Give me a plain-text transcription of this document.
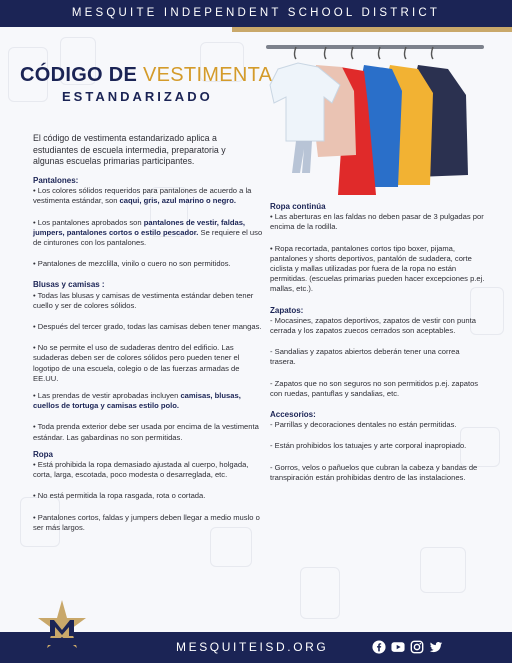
MESQUITE INDEPENDENT SCHOOL DISTRICT
CÓDIGO DE VESTIMENTA
ESTANDARIZADO
El código de vestimenta estandarizado aplica a estudiantes de escuela intermedia, preparatoria y algunas escuelas primarias participantes.
Pantalones:
• Los colores sólidos requeridos para pantalones de acuerdo a la vestimenta estándar, son caqui, gris, azul marino o negro.
• Los pantalones aprobados son pantalones de vestir, faldas, jumpers, pantalones cortos o estilo pescador. Se requiere el uso de cinturones con los pantalones.
• Pantalones de mezclilla, vinilo o cuero no son permitidos.
Blusas y camisas :
• Todas las blusas y camisas de vestimenta estándar deben tener cuello y ser de colores sólidos.
• Después del tercer grado, todas las camisas deben tener mangas.
• No se permite el uso de sudaderas dentro del edificio. Las sudaderas deben ser de colores sólidos pero pueden tener el logotipo de una escuela, colegio o de las fuerzas armadas de EE.UU.
• Las prendas de vestir aprobadas incluyen camisas, blusas, cuellos de tortuga y camisas estilo polo.
• Toda prenda exterior debe ser usada por encima de la vestimenta estándar. Las gabardinas no son permitidas.
Ropa
• Está prohibida la ropa demasiado ajustada al cuerpo, holgada, corta, larga, escotada, poco modesta o desarreglada, etc.
• No está permitida la ropa rasgada, rota o cortada.
• Pantalones cortos, faldas y jumpers deben llegar a medio muslo o ser más largos.
Ropa continúa
• Las aberturas en las faldas no deben pasar de 3 pulgadas por encima de la rodilla.
• Ropa recortada, pantalones cortos tipo boxer, pijama, pantalones y shorts deportivos, pantalón de sudadera, corte ciclista y mallas utilizadas por fuera de la ropa no están permitidas. (escuelas primarias pueden hacer excepciones p.ej. mallas, etc.).
Zapatos:
- Mocasines, zapatos deportivos, zapatos de vestir con punta cerrada y los zapatos zuecos cerrados son aceptables.
- Sandalias y zapatos abiertos deberán tener una correa trasera.
- Zapatos que no son seguros no son permitidos p.ej. zapatos con ruedas, pantuflas y sandalias, etc.
Accesorios:
- Parrillas y decoraciones dentales no están permitidas.
- Están prohibidos los tatuajes y arte corporal inapropiado.
- Gorros, velos o pañuelos que cubran la cabeza y bandas de transpiración están prohibidas dentro de las instalaciones.
MESQUITEISD.ORG
